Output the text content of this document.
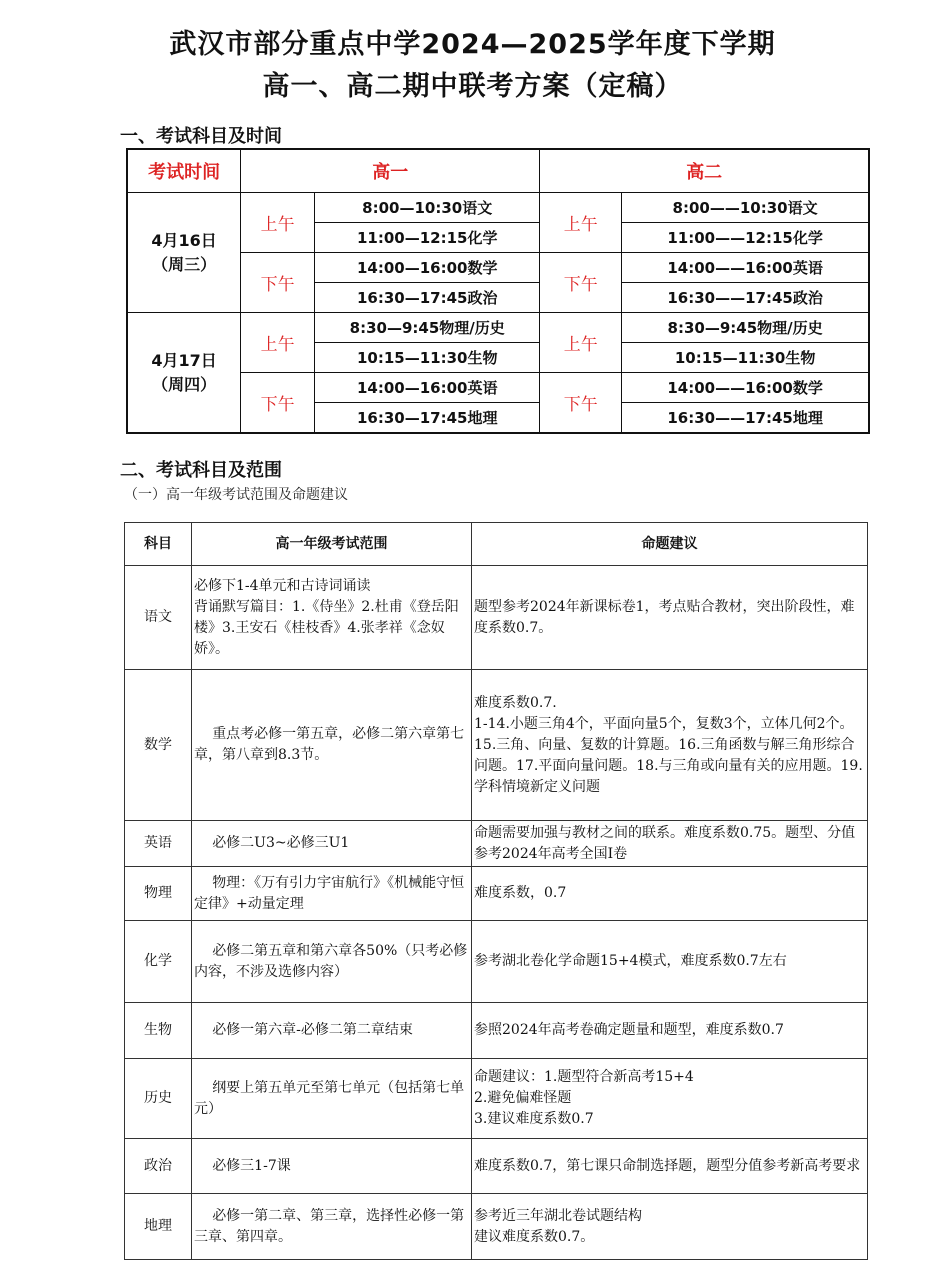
武汉市部分重点中学2024—2025学年度下学期
高一、高二期中联考方案（定稿）
一、考试科目及时间
考试时间	高一		高二	

4月16日
（周三）	上午	8:00—10:30语文	上午	8:00——10:30语文
		11:00—12:15化学		11:00——12:15化学
	下午	14:00—16:00数学	下午	14:00——16:00英语
		16:30—17:45政治		16:30——17:45政治

4月17日
（周四）	上午	8:30—9:45物理/历史	上午	8:30—9:45物理/历史
		10:15—11:30生物		10:15—11:30生物
	下午	14:00—16:00英语	下午	14:00——16:00数学
		16:30—17:45地理		16:30——17:45地理
二、考试科目及范围
（一）高一年级考试范围及命题建议
科目	高一年级考试范围	命题建议
语文	必修下1-4单元和古诗词诵读
背诵默写篇目：1.《侍坐》2.杜甫《登岳阳楼》3.王安石《桂枝香》4.张孝祥《念奴娇》。	题型参考2024年新课标卷1，考点贴合教材，突出阶段性，难度系数0.7。
数学	重点考必修一第五章，必修二第六章第七章，第八章到8.3节。	难度系数0.7.
1-14.小题三角4个，平面向量5个，复数3个，立体几何2个。
15.三角、向量、复数的计算题。16.三角函数与解三角形综合问题。17.平面向量问题。18.与三角或向量有关的应用题。19.学科情境新定义问题
英语	必修二U3~必修三U1	命题需要加强与教材之间的联系。难度系数0.75。题型、分值参考2024年高考全国I卷
物理	物理：《万有引力宇宙航行》《机械能守恒定律》+动量定理	难度系数，0.7
化学	必修二第五章和第六章各50%（只考必修内容，不涉及选修内容）	参考湖北卷化学命题15+4模式，难度系数0.7左右
生物	必修一第六章-必修二第二章结束	参照2024年高考卷确定题量和题型，难度系数0.7
历史	纲要上第五单元至第七单元（包括第七单元）	命题建议：1.题型符合新高考15+4
2.避免偏难怪题
3.建议难度系数0.7
政治	必修三1-7课	难度系数0.7，第七课只命制选择题，题型分值参考新高考要求
地理	必修一第二章、第三章，选择性必修一第三章、第四章。	参考近三年湖北卷试题结构
建议难度系数0.7。
